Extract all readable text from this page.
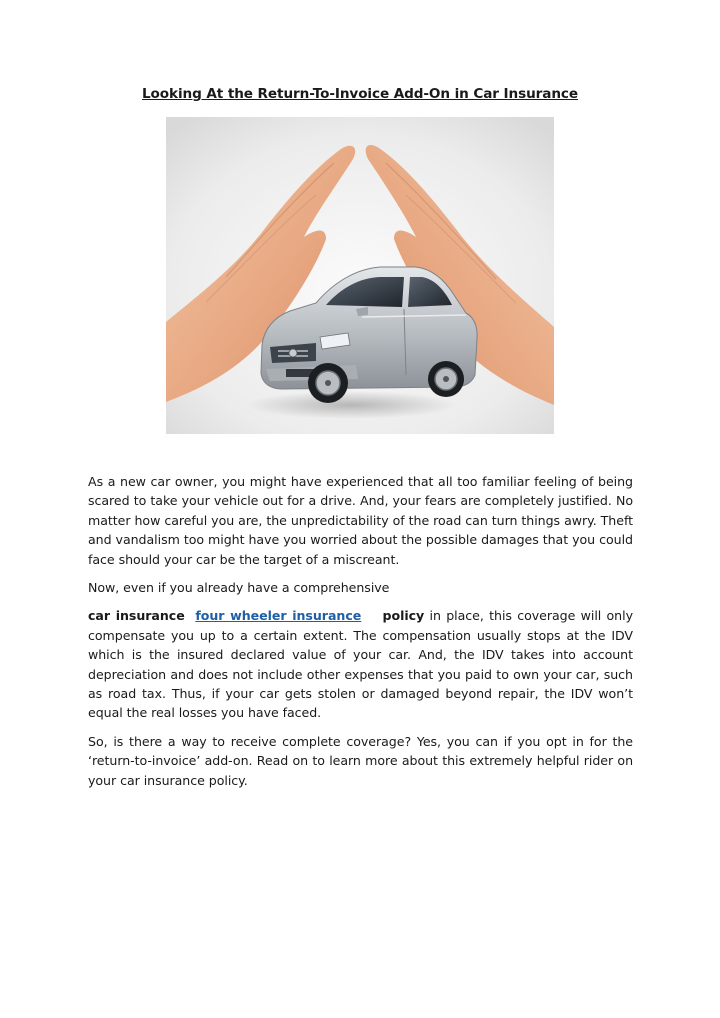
Looking At the Return-To-Invoice Add-On in Car Insurance

As a new car owner, you might have experienced that all too familiar feeling of being scared to take your vehicle out for a drive. And, your fears are completely justified. No matter how careful you are, the unpredictability of the road can turn things awry. Theft and vandalism too might have you worried about the possible damages that you could face should your car be the target of a miscreant.

Now, even if you already have a comprehensive

car insurance four wheeler insurance policy in place, this coverage will only compensate you up to a certain extent. The compensation usually stops at the IDV which is the insured declared value of your car. And, the IDV takes into account depreciation and does not include other expenses that you paid to own your car, such as road tax. Thus, if your car gets stolen or damaged beyond repair, the IDV won’t equal the real losses you have faced.

So, is there a way to receive complete coverage? Yes, you can if you opt in for the ‘return-to-invoice’ add-on. Read on to learn more about this extremely helpful rider on your car insurance policy.
